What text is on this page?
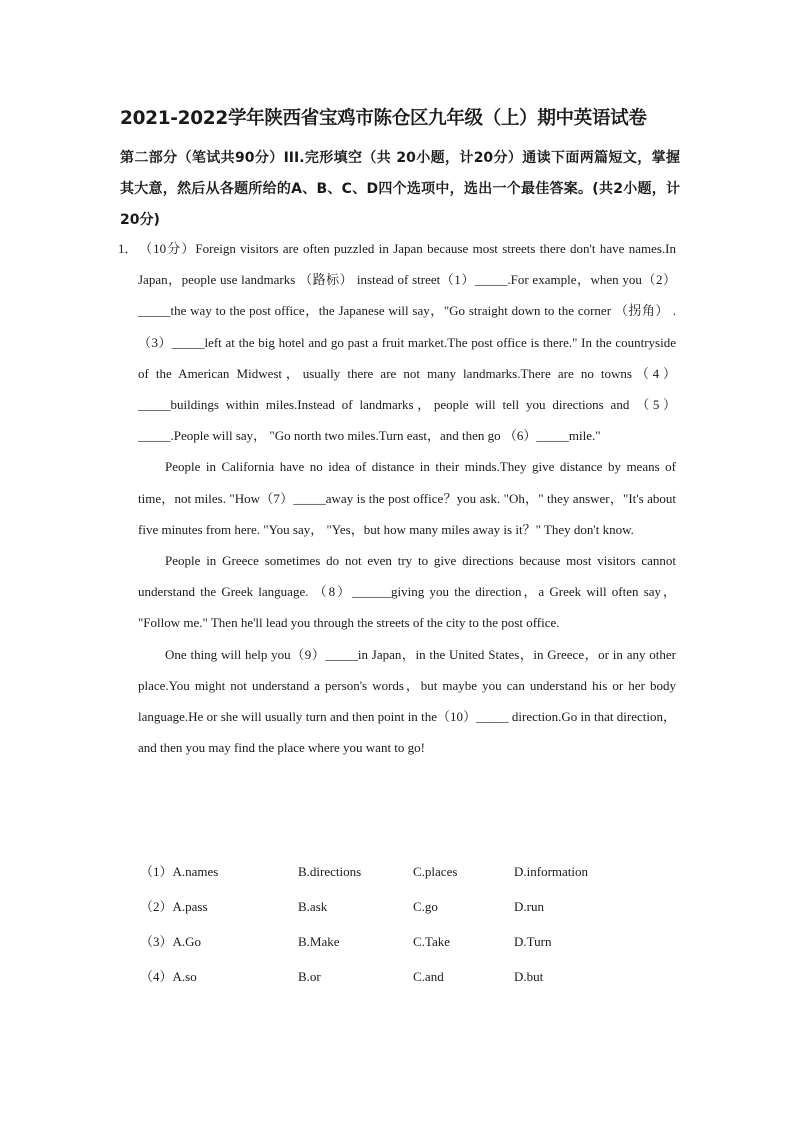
2021-2022学年陕西省宝鸡市陈仓区九年级（上）期中英语试卷
第二部分（笔试共90分）III.完形填空（共 20小题，计20分）通读下面两篇短文，掌握其大意，然后从各题所给的A、B、C、D四个选项中，选出一个最佳答案。(共2小题，计20分)

1．（10分）Foreign visitors are often puzzled in Japan because most streets there don't have names.In Japan，people use landmarks （路标） instead of street（1）_____.For example，when you（2）_____the way to the post office，the Japanese will say，"Go straight down to the corner （拐角） .（3）_____left at the big hotel and go past a fruit market.The post office is there." In the countryside of the American Midwest，usually there are not many landmarks.There are no towns（4）_____buildings within miles.Instead of landmarks，people will tell you directions and （5）_____.People will say， "Go north two miles.Turn east，and then go （6）_____mile."

People in California have no idea of distance in their minds.They give distance by means of time，not miles. "How（7）_____away is the post office？you ask. "Oh，" they answer，"It's about five minutes from here. "You say， "Yes，but how many miles away is it？" They don't know.

People in Greece sometimes do not even try to give directions because most visitors cannot understand the Greek language. （8）______giving you the direction，a Greek will often say， "Follow me." Then he'll lead you through the streets of the city to the post office.

One thing will help you（9）_____in Japan，in the United States，in Greece，or in any other place.You might not understand a person's words，but maybe you can understand his or her body language.He or she will usually turn and then point in the（10）_____ direction.Go in that direction，and then you may find the place where you want to go!

（1）A.names	B.directions	C.places	D.information
（2）A.pass	B.ask	C.go	D.run
（3）A.Go	B.Make	C.Take	D.Turn
（4）A.so	B.or	C.and	D.but
